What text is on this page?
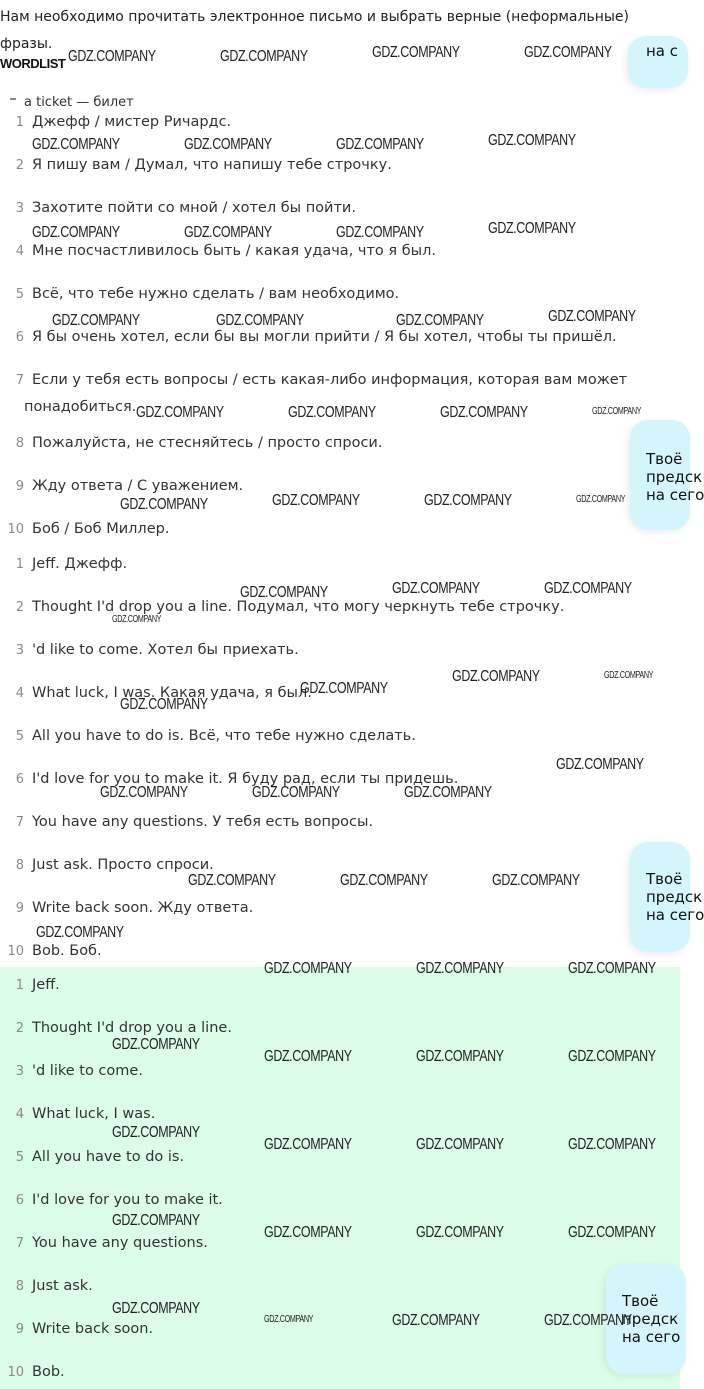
Нам необходимо прочитать электронное письмо и выбрать верные (неформальные) фразы.
WORDLIST
a ticket — билет
1 Джефф / мистер Ричардс.
2 Я пишу вам / Думал, что напишу тебе строчку.
3 Захотите пойти со мной / хотел бы пойти.
4 Мне посчастливилось быть / какая удача, что я был.
5 Всё, что тебе нужно сделать / вам необходимо.
6 Я бы очень хотел, если бы вы могли прийти / Я бы хотел, чтобы ты пришёл.
7 Если у тебя есть вопросы / есть какая-либо информация, которая вам может
понадобиться.
8 Пожалуйста, не стесняйтесь / просто спроси.
9 Жду ответа / С уважением.
10 Боб / Боб Миллер.
1 Jeff. Джефф.
2 Thought I'd drop you a line. Подумал, что могу черкнуть тебе строчку.
3 'd like to come. Хотел бы приехать.
4 What luck, I was. Какая удача, я был.
5 All you have to do is. Всё, что тебе нужно сделать.
6 I'd love for you to make it. Я буду рад, если ты придешь.
7 You have any questions. У тебя есть вопросы.
8 Just ask. Просто спроси.
9 Write back soon. Жду ответа.
10 Bob. Боб.
1 Jeff.
2 Thought I'd drop you a line.
3 'd like to come.
4 What luck, I was.
5 All you have to do is.
6 I'd love for you to make it.
7 You have any questions.
8 Just ask.
9 Write back soon.
10 Bob.
на с
Твоё
предск
на сего
Твоё
предск
на сего
Твоё
предск
на сего
GDZ.COMPANY	GDZ.COMPANY	GDZ.COMPANY	GDZ.COMPANY
GDZ.COMPANY	GDZ.COMPANY	GDZ.COMPANY	GDZ.COMPANY
GDZ.COMPANY	GDZ.COMPANY	GDZ.COMPANY	GDZ.COMPANY
GDZ.COMPANY	GDZ.COMPANY	GDZ.COMPANY	GDZ.COMPANY
GDZ.COMPANY	GDZ.COMPANY	GDZ.COMPANY	GDZ.COMPANY
GDZ.COMPANY	GDZ.COMPANY	GDZ.COMPANY	GDZ.COMPANY
GDZ.COMPANY	GDZ.COMPANY	GDZ.COMPANY
GDZ.COMPANY
GDZ.COMPANY	GDZ.COMPANY
GDZ.COMPANY
GDZ.COMPANY
GDZ.COMPANY
GDZ.COMPANY	GDZ.COMPANY	GDZ.COMPANY
GDZ.COMPANY	GDZ.COMPANY	GDZ.COMPANY
GDZ.COMPANY
GDZ.COMPANY	GDZ.COMPANY	GDZ.COMPANY
GDZ.COMPANY
GDZ.COMPANY	GDZ.COMPANY	GDZ.COMPANY
GDZ.COMPANY
GDZ.COMPANY	GDZ.COMPANY	GDZ.COMPANY
GDZ.COMPANY
GDZ.COMPANY	GDZ.COMPANY	GDZ.COMPANY
GDZ.COMPANY
GDZ.COMPANY	GDZ.COMPANY	GDZ.COMPANY
